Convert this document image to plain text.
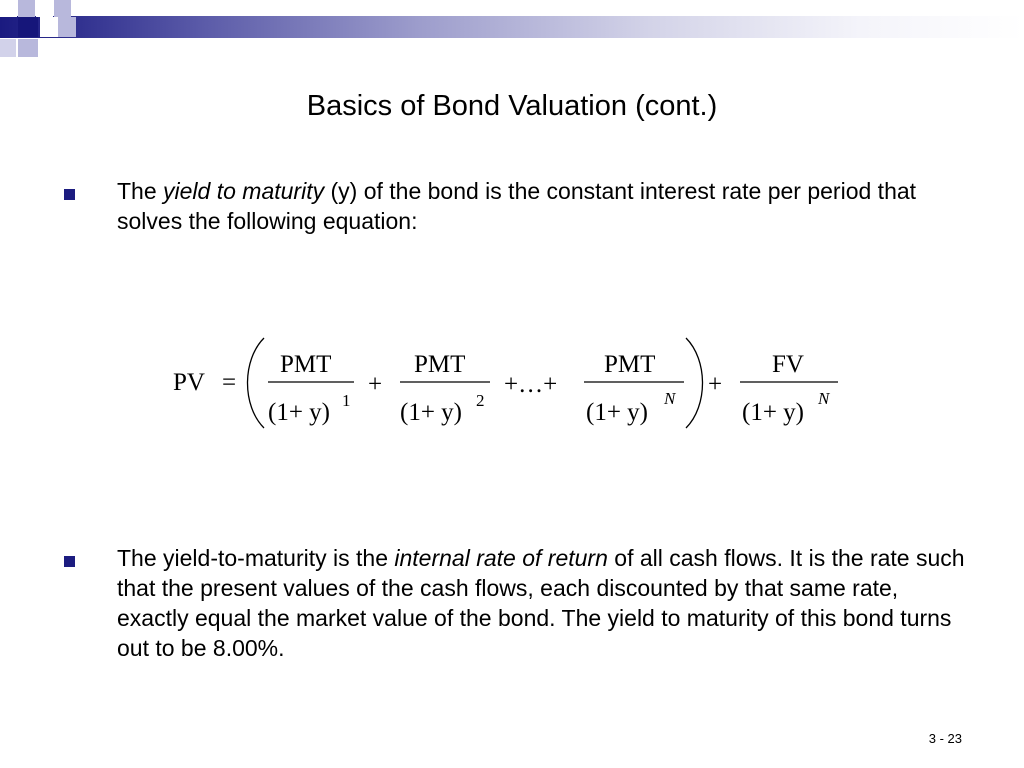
Basics of Bond Valuation (cont.)
The yield to maturity (y) of the bond is the constant interest rate per period that solves the following equation:
PV =
PMT
(1+ y) 1
+
PMT
(1+ y) 2
+…+
PMT
(1+ y)
N
+
FV
(1+ y)
N
The yield-to-maturity is the internal rate of return of all cash flows. It is the rate such that the present values of the cash flows, each discounted by that same rate, exactly equal the market value of the bond. The yield to maturity of this bond turns out to be 8.00%.
3 - 23
